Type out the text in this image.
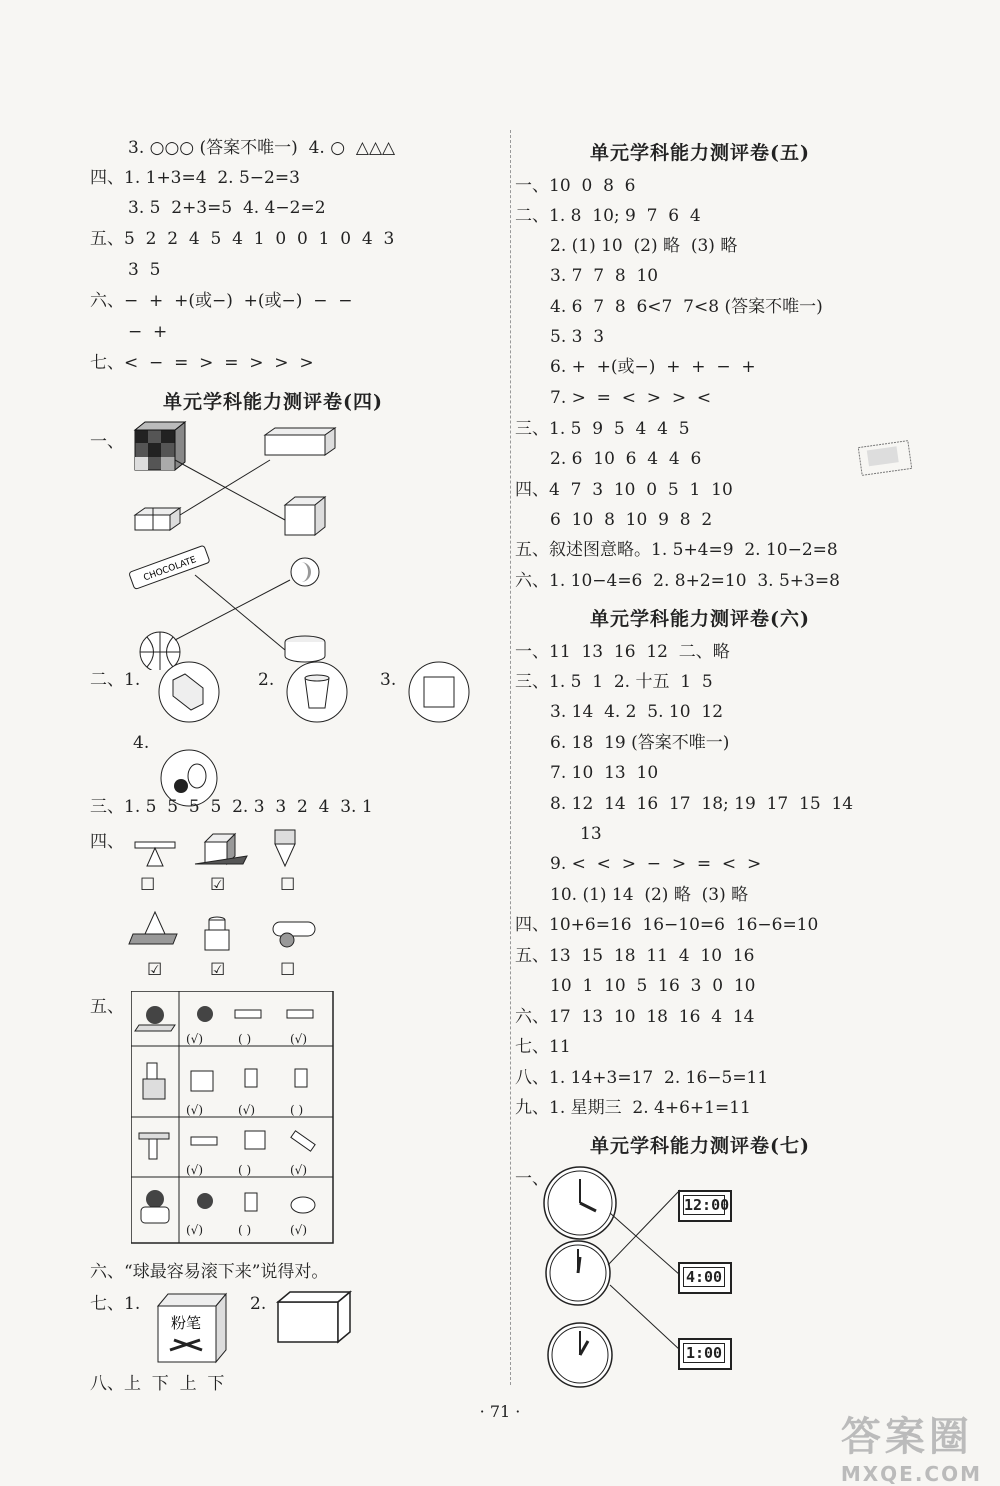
3. ○○○ (答案不唯一)  4. ○  △△△
四、1. 1+3=4  2. 5−2=3
3. 5  2+3=5  4. 4−2=2
五、5  2  2  4  5  4  1  0  0  1  0  4  3
3  5
六、−  +  +(或−)  +(或−)  −  −
−  +
七、<  −  =  >  =  >  >  >
单元学科能力测评卷(四)
一、
CHOCOLATE
二、1.	2.	3.
4.
三、1. 5  5  5  5  2. 3  3  2  4  3. 1
四、
☐	☑	☐
☑	☑	☐
五、
(√)	( )	(√)
(√)	(√)	( )
(√)	( )	(√)
(√)	( )	(√)
六、“球最容易滚下来”说得对。
七、1.	2.
粉笔
八、上  下  上  下
单元学科能力测评卷(五)
一、10  0  8  6
二、1. 8  10; 9  7  6  4
2. (1) 10  (2) 略  (3) 略
3. 7  7  8  10
4. 6  7  8  6<7  7<8 (答案不唯一)
5. 3  3
6. +  +(或−)  +  +  −  +
7. >  =  <  >  >  <
三、1. 5  9  5  4  4  5
2. 6  10  6  4  4  6
四、4  7  3  10  0  5  1  10
6  10  8  10  9  8  2
五、叙述图意略。1. 5+4=9  2. 10−2=8
六、1. 10−4=6  2. 8+2=10  3. 5+3=8
单元学科能力测评卷(六)
一、11  13  16  12  二、略
三、1. 5  1  2. 十五  1  5
3. 14  4. 2  5. 10  12
6. 18  19 (答案不唯一)
7. 10  13  10
8. 12  14  16  17  18; 19  17  15  14
13
9. <  <  >  −  >  =  <  >
10. (1) 14  (2) 略  (3) 略
四、10+6=16  16−10=6  16−6=10
五、13  15  18  11  4  10  16
10  1  10  5  16  3  0  10
六、17  13  10  18  16  4  14
七、11
八、1. 14+3=17  2. 16−5=11
九、1. 星期三  2. 4+6+1=11
单元学科能力测评卷(七)
一、
12:00
4:00
1:00
· 71 ·
答案圈
MXQE.COM
